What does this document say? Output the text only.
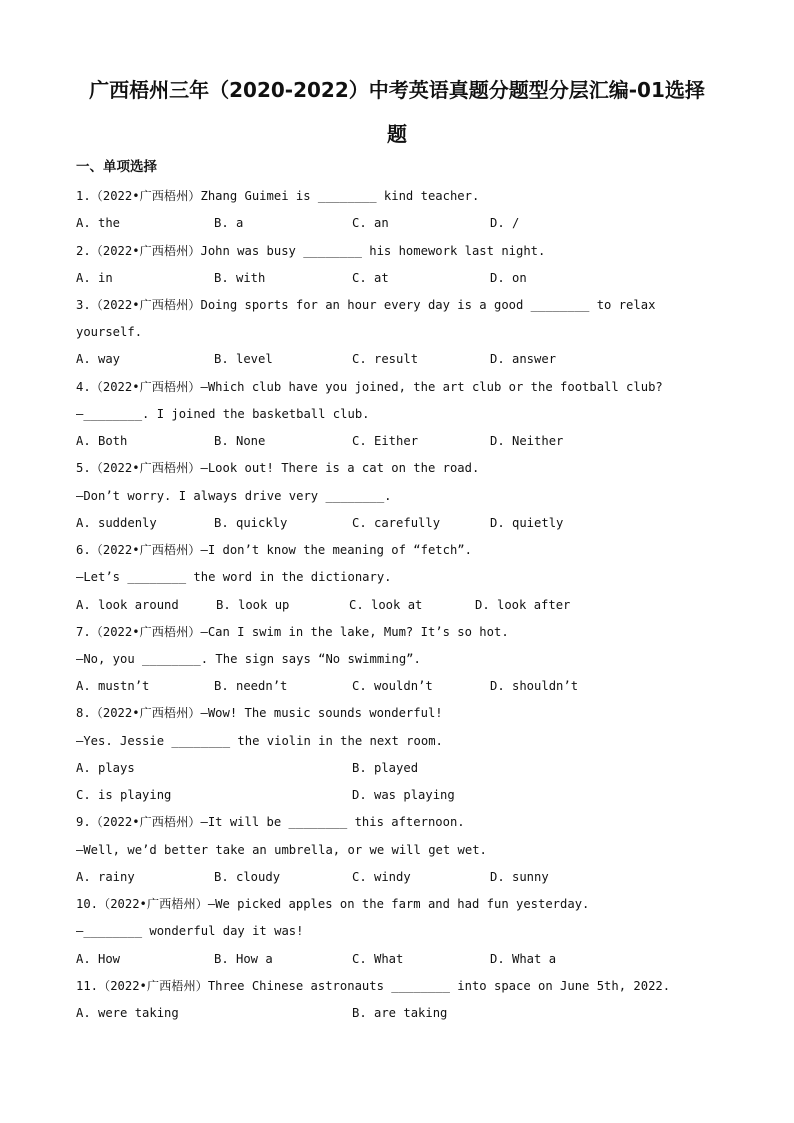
广西梧州三年（2020-2022）中考英语真题分题型分层汇编-01选择
题
一、单项选择
1.（2022•广西梧州）Zhang Guimei is ________ kind teacher.
A. the	B. a	C. an	D. /
2.（2022•广西梧州）John was busy ________ his homework last night.
A. in	B. with	C. at	D. on
3.（2022•广西梧州）Doing sports for an hour every day is a good ________ to relax
yourself.
A. way	B. level	C. result	D. answer
4.（2022•广西梧州）—Which club have you joined, the art club or the football club?
—________. I joined the basketball club.
A. Both	B. None	C. Either	D. Neither
5.（2022•广西梧州）—Look out! There is a cat on the road.
—Don’t worry. I always drive very ________.
A. suddenly	B. quickly	C. carefully	D. quietly
6.（2022•广西梧州）—I don’t know the meaning of “fetch”.
—Let’s ________ the word in the dictionary.
A. look around	B. look up	C. look at	D. look after
7.（2022•广西梧州）—Can I swim in the lake, Mum? It’s so hot.
—No, you ________. The sign says “No swimming”.
A. mustn’t	B. needn’t	C. wouldn’t	D. shouldn’t
8.（2022•广西梧州）—Wow! The music sounds wonderful!
—Yes. Jessie ________ the violin in the next room.
A. plays	B. played
C. is playing	D. was playing
9.（2022•广西梧州）—It will be ________ this afternoon.
—Well, we’d better take an umbrella, or we will get wet.
A. rainy	B. cloudy	C. windy	D. sunny
10.（2022•广西梧州）—We picked apples on the farm and had fun yesterday.
—________ wonderful day it was!
A. How	B. How a	C. What	D. What a
11.（2022•广西梧州）Three Chinese astronauts ________ into space on June 5th, 2022.
A. were taking	B. are taking
